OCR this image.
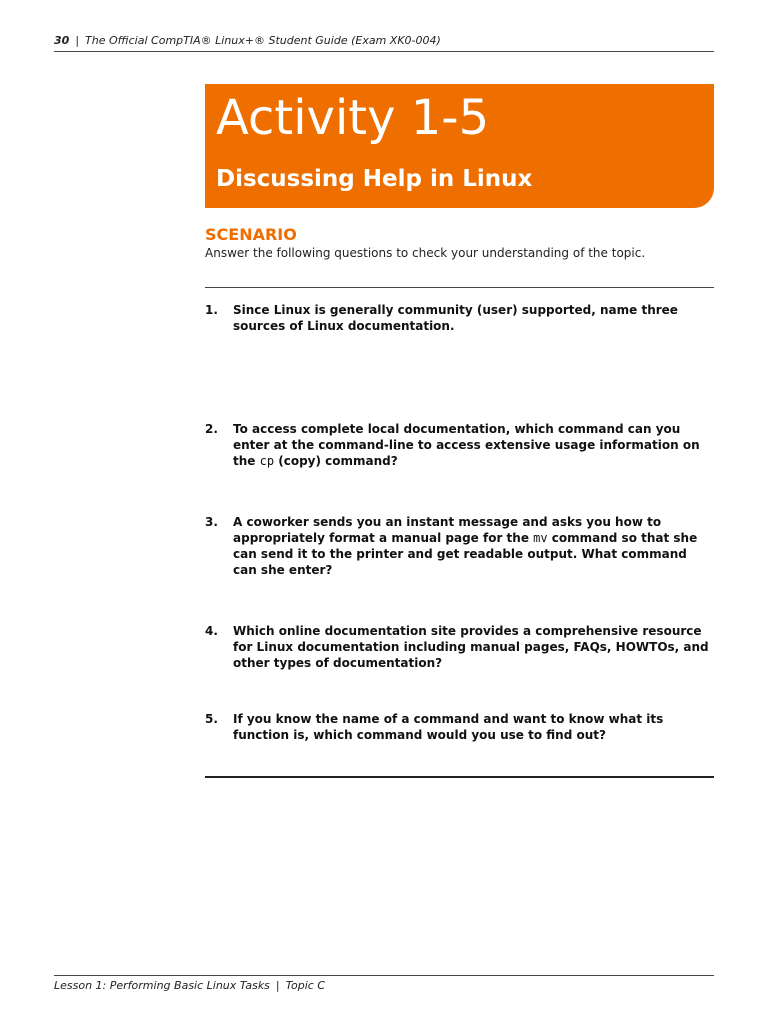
30 | The Official CompTIA® Linux+® Student Guide (Exam XK0-004)
Activity 1-5
Discussing Help in Linux
SCENARIO
Answer the following questions to check your understanding of the topic.
1. Since Linux is generally community (user) supported, name three sources of Linux documentation.
2. To access complete local documentation, which command can you enter at the command-line to access extensive usage information on the cp (copy) command?
3. A coworker sends you an instant message and asks you how to appropriately format a manual page for the mv command so that she can send it to the printer and get readable output. What command can she enter?
4. Which online documentation site provides a comprehensive resource for Linux documentation including manual pages, FAQs, HOWTOs, and other types of documentation?
5. If you know the name of a command and want to know what its function is, which command would you use to find out?
Lesson 1: Performing Basic Linux Tasks | Topic C
